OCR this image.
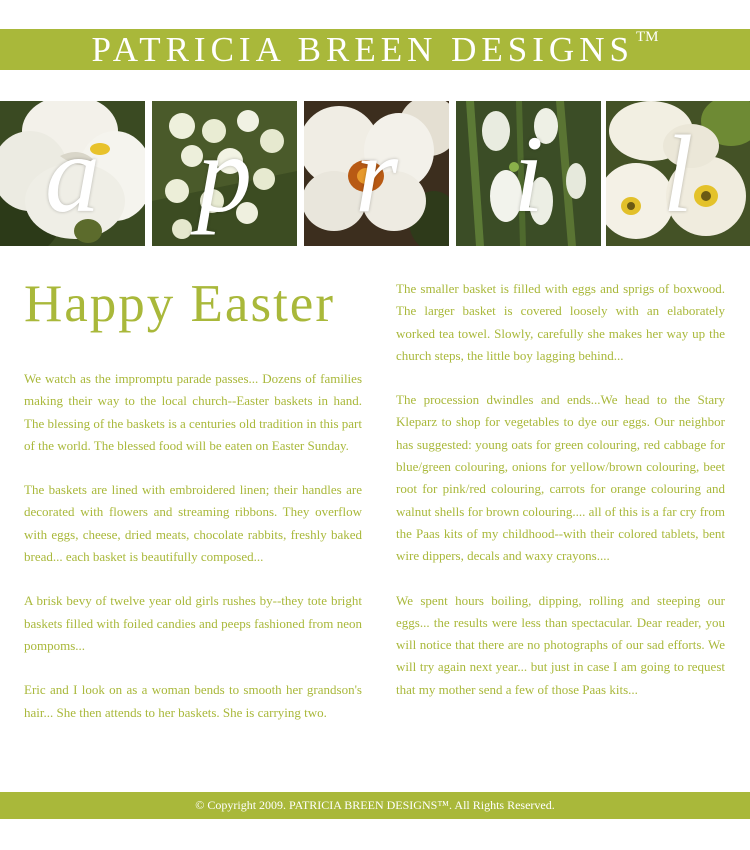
PATRICIA BREEN DESIGNS ™
a p r	i	l
Happy Easter

We watch as the impromptu parade passes... Dozens of families making their way to the local church--Easter baskets in hand. The blessing of the baskets is a centuries old tradition in this part of the world. The blessed food will be eaten on Easter Sunday.

The baskets are lined with embroidered linen; their handles are decorated with flowers and streaming ribbons. They overflow with eggs, cheese, dried meats, chocolate rabbits, freshly baked bread... each basket is beautifully composed...

A brisk bevy of twelve year old girls rushes by--they tote bright baskets filled with foiled candies and peeps fashioned from neon pompoms...

Eric and I look on as a woman bends to smooth her grandson's hair... She then attends to her baskets. She is carrying two.

The smaller basket is filled with eggs and sprigs of boxwood. The larger basket is covered loosely with an elaborately worked tea towel. Slowly, carefully she makes her way up the church steps, the little boy lagging behind...

The procession dwindles and ends...We head to the Stary Kleparz to shop for vegetables to dye our eggs. Our neighbor has suggested: young oats for green colouring, red cabbage for blue/green colouring, onions for yellow/brown colouring, beet root for pink/red colouring, carrots for orange colouring and walnut shells for brown colouring.... all of this is a far cry from the Paas kits of my childhood--with their colored tablets, bent wire dippers, decals and waxy crayons....

We spent hours boiling, dipping, rolling and steeping our eggs... the results were less than spectacular. Dear reader, you will notice that there are no photographs of our sad efforts. We will try again next year... but just in case I am going to request that my mother send a few of those Paas kits...

© Copyright 2009. PATRICIA BREEN DESIGNS™. All Rights Reserved.
